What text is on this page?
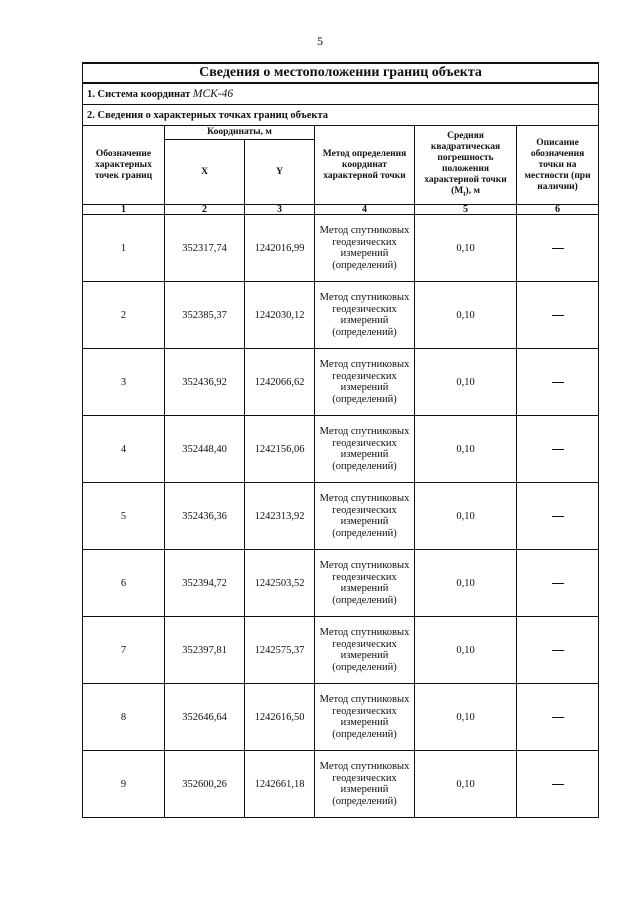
5
Сведения о местоположении границ объекта					
1. Система координат МСК-46					
2. Сведения о характерных точках границ объекта					
Обозначение характерных точек границ	Координаты, м		Метод определения координат характерной точки	Средняя квадратическая погрешность положения характерной точки $(M_t)$, м	Описание обозначения точки на местности (при наличии)
	X	Y			
1	2	3	4	5	6
1	352317,74	1242016,99	Метод спутниковых геодезических измерений (определений)	0,10	
2	352385,37	1242030,12	Метод спутниковых геодезических измерений (определений)	0,10	
3	352436,92	1242066,62	Метод спутниковых геодезических измерений (определений)	0,10	
4	352448,40	1242156,06	Метод спутниковых геодезических измерений (определений)	0,10	
5	352436,36	1242313,92	Метод спутниковых геодезических измерений (определений)	0,10	
6	352394,72	1242503,52	Метод спутниковых геодезических измерений (определений)	0,10	
7	352397,81	1242575,37	Метод спутниковых геодезических измерений (определений)	0,10	
8	352646,64	1242616,50	Метод спутниковых геодезических измерений (определений)	0,10	
9	352600,26	1242661,18	Метод спутниковых геодезических измерений (определений)	0,10	
